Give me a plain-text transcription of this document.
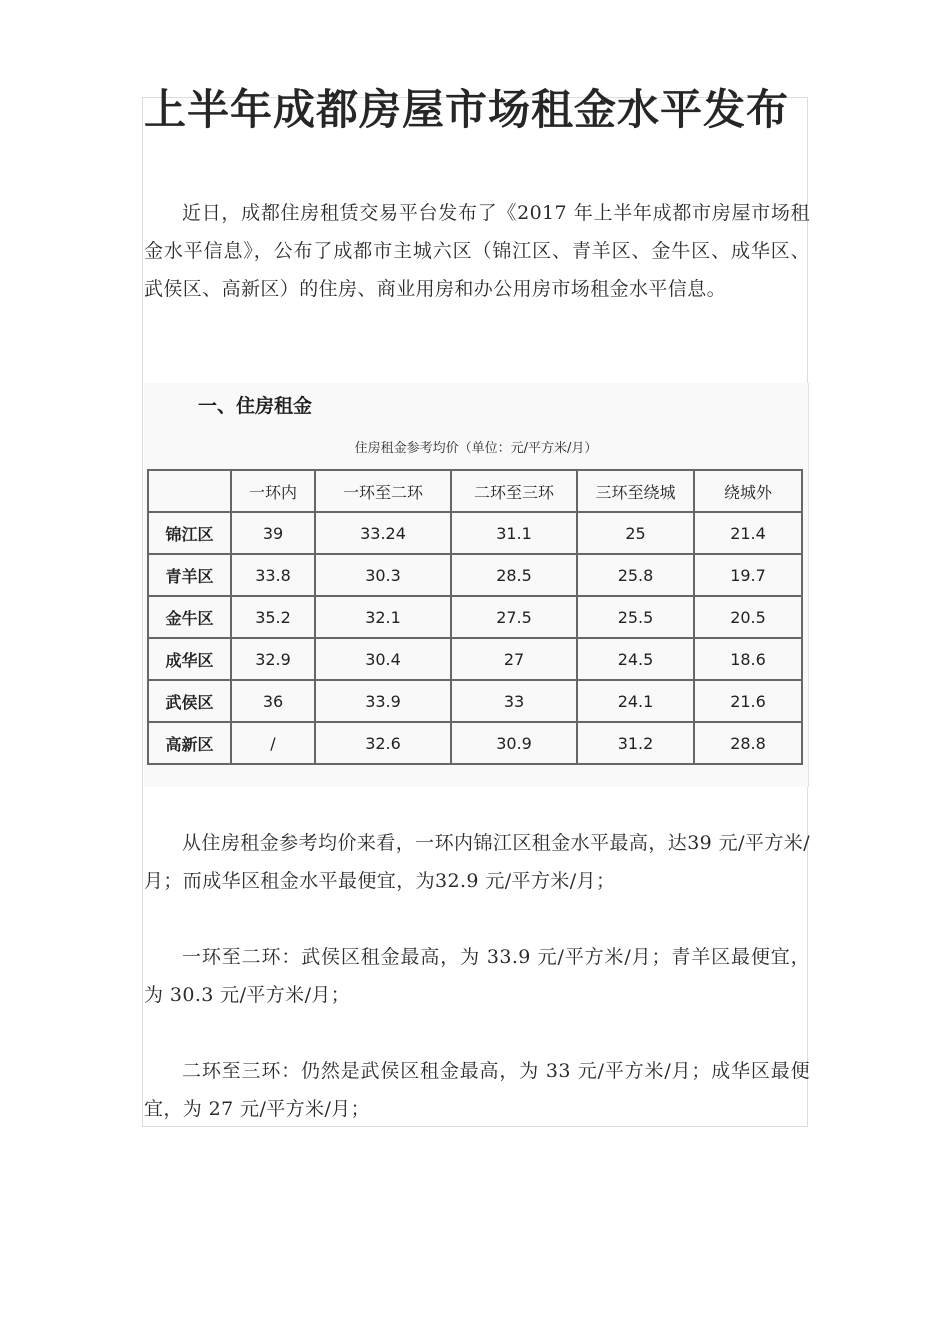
上半年成都房屋市场租金水平发布

近日，成都住房租赁交易平台发布了《2017 年上半年成都市房屋市场租金水平信息》，公布了成都市主城六区（锦江区、青羊区、金牛区、成华区、武侯区、高新区）的住房、商业用房和办公用房市场租金水平信息。

一、住房租金
住房租金参考均价（单位：元/平方米/月）
	一环内	一环至二环	二环至三环	三环至绕城	绕城外
锦江区	39	33.24	31.1	25	21.4
青羊区	33.8	30.3	28.5	25.8	19.7
金牛区	35.2	32.1	27.5	25.5	20.5
成华区	32.9	30.4	27	24.5	18.6
武侯区	36	33.9	33	24.1	21.6
高新区	/	32.6	30.9	31.2	28.8

从住房租金参考均价来看，一环内锦江区租金水平最高，达39 元/平方米/月；而成华区租金水平最便宜，为32.9 元/平方米/月；

一环至二环：武侯区租金最高，为 33.9 元/平方米/月；青羊区最便宜，为 30.3 元/平方米/月；

二环至三环：仍然是武侯区租金最高，为 33 元/平方米/月；成华区最便宜，为 27 元/平方米/月；
